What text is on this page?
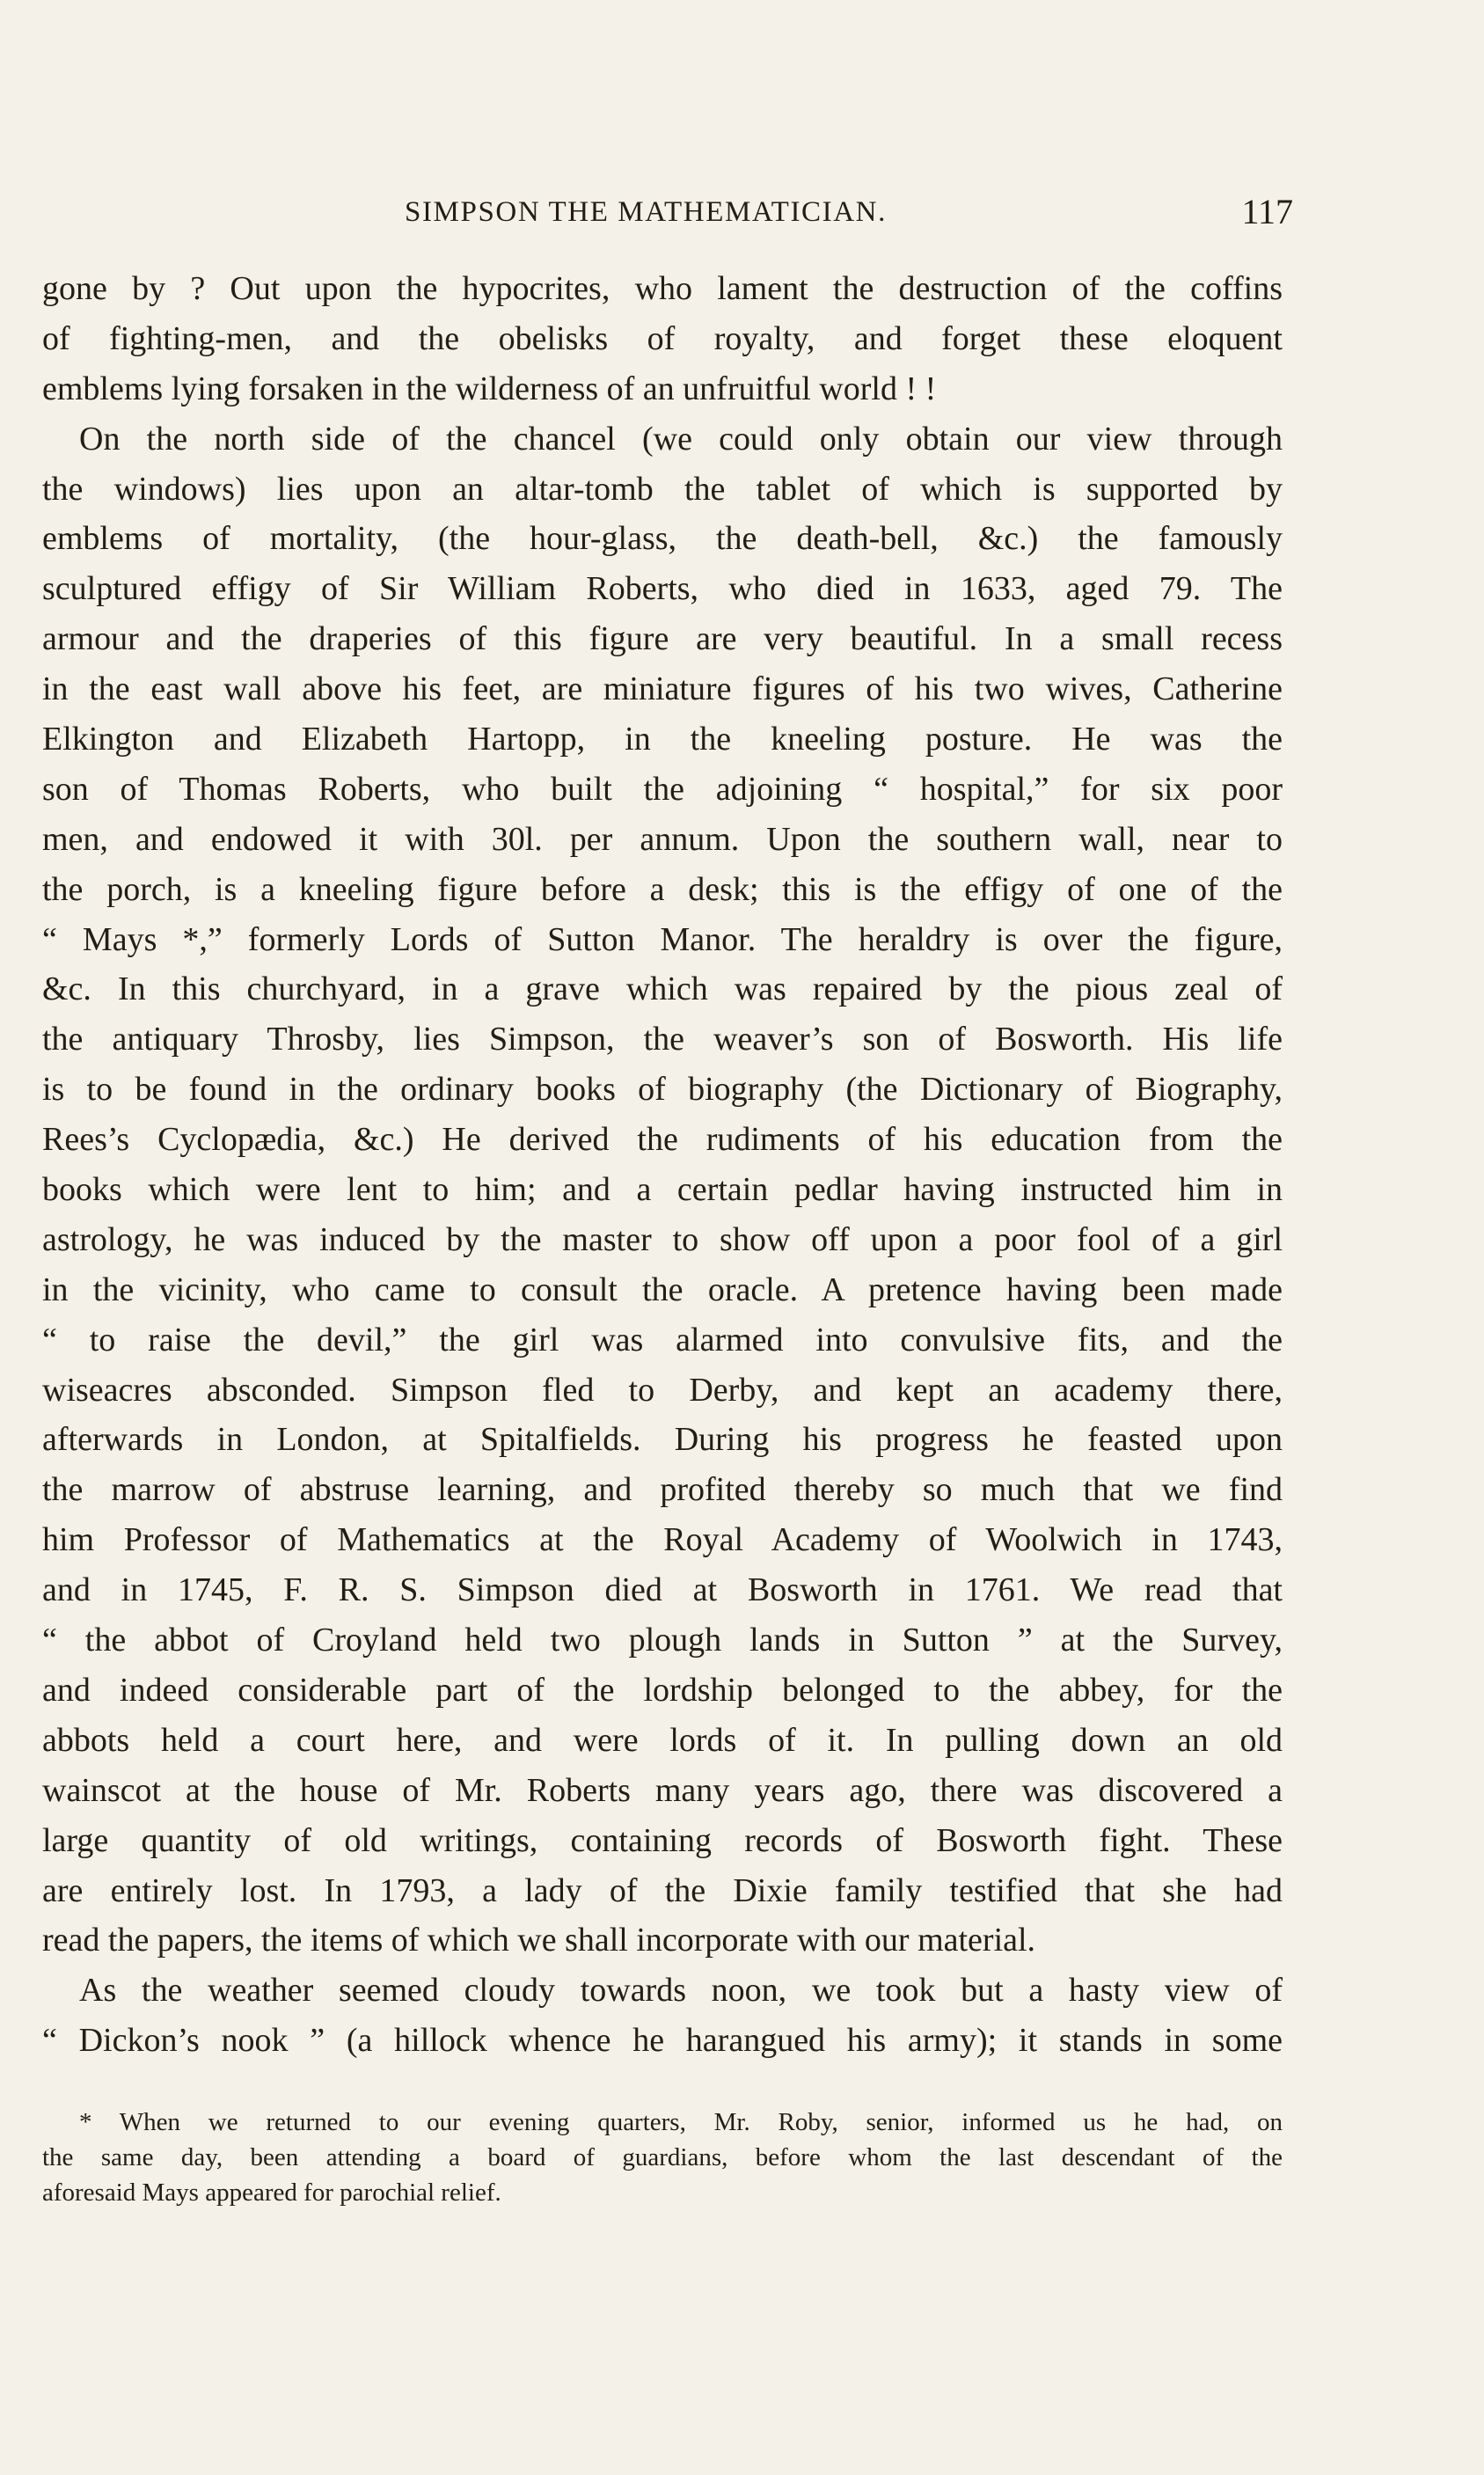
SIMPSON THE MATHEMATICIAN.	117
gone by ? Out upon the hypocrites, who lament the destruction of the coffins
of fighting-men, and the obelisks of royalty, and forget these eloquent
emblems lying forsaken in the wilderness of an unfruitful world ! !
On the north side of the chancel (we could only obtain our view through
the windows) lies upon an altar-tomb the tablet of which is supported by
emblems of mortality, (the hour-glass, the death-bell, &c.) the famously
sculptured effigy of Sir William Roberts, who died in 1633, aged 79. The
armour and the draperies of this figure are very beautiful. In a small recess
in the east wall above his feet, are miniature figures of his two wives, Catherine
Elkington and Elizabeth Hartopp, in the kneeling posture. He was the
son of Thomas Roberts, who built the adjoining “ hospital,” for six poor
men, and endowed it with 30l. per annum. Upon the southern wall, near to
the porch, is a kneeling figure before a desk; this is the effigy of one of the
“ Mays *,” formerly Lords of Sutton Manor. The heraldry is over the figure,
&c. In this churchyard, in a grave which was repaired by the pious zeal of
the antiquary Throsby, lies Simpson, the weaver’s son of Bosworth. His life
is to be found in the ordinary books of biography (the Dictionary of Biography,
Rees’s Cyclopædia, &c.) He derived the rudiments of his education from the
books which were lent to him; and a certain pedlar having instructed him in
astrology, he was induced by the master to show off upon a poor fool of a girl
in the vicinity, who came to consult the oracle. A pretence having been made
“ to raise the devil,” the girl was alarmed into convulsive fits, and the
wiseacres absconded. Simpson fled to Derby, and kept an academy there,
afterwards in London, at Spitalfields. During his progress he feasted upon
the marrow of abstruse learning, and profited thereby so much that we find
him Professor of Mathematics at the Royal Academy of Woolwich in 1743,
and in 1745, F. R. S. Simpson died at Bosworth in 1761. We read that
“ the abbot of Croyland held two plough lands in Sutton ” at the Survey,
and indeed considerable part of the lordship belonged to the abbey, for the
abbots held a court here, and were lords of it. In pulling down an old
wainscot at the house of Mr. Roberts many years ago, there was discovered a
large quantity of old writings, containing records of Bosworth fight. These
are entirely lost. In 1793, a lady of the Dixie family testified that she had
read the papers, the items of which we shall incorporate with our material.
As the weather seemed cloudy towards noon, we took but a hasty view of
“ Dickon’s nook ” (a hillock whence he harangued his army); it stands in some
* When we returned to our evening quarters, Mr. Roby, senior, informed us he had, on
the same day, been attending a board of guardians, before whom the last descendant of the
aforesaid Mays appeared for parochial relief.
